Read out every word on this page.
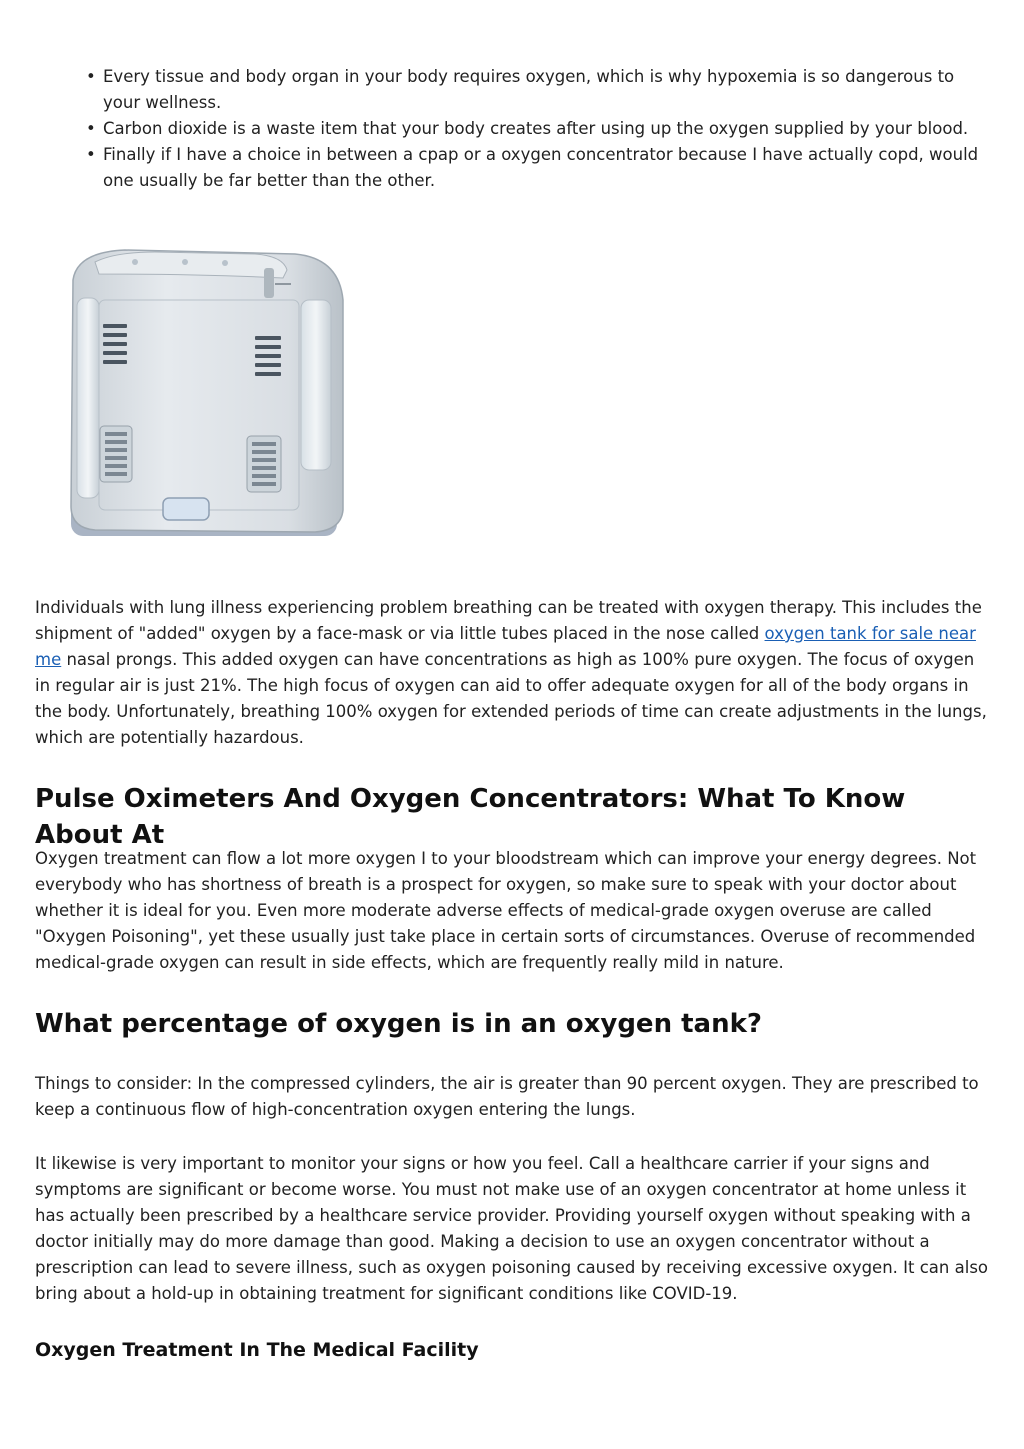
• Every tissue and body organ in your body requires oxygen, which is why hypoxemia is so dangerous to your wellness.
• Carbon dioxide is a waste item that your body creates after using up the oxygen supplied by your blood.
• Finally if I have a choice in between a cpap or a oxygen concentrator because I have actually copd, would one usually be far better than the other.

Individuals with lung illness experiencing problem breathing can be treated with oxygen therapy. This includes the shipment of "added" oxygen by a face-mask or via little tubes placed in the nose called oxygen tank for sale near me nasal prongs. This added oxygen can have concentrations as high as 100% pure oxygen. The focus of oxygen in regular air is just 21%. The high focus of oxygen can aid to offer adequate oxygen for all of the body organs in the body. Unfortunately, breathing 100% oxygen for extended periods of time can create adjustments in the lungs, which are potentially hazardous.

Pulse Oximeters And Oxygen Concentrators: What To Know About At

Oxygen treatment can flow a lot more oxygen I to your bloodstream which can improve your energy degrees. Not everybody who has shortness of breath is a prospect for oxygen, so make sure to speak with your doctor about whether it is ideal for you. Even more moderate adverse effects of medical-grade oxygen overuse are called "Oxygen Poisoning", yet these usually just take place in certain sorts of circumstances. Overuse of recommended medical-grade oxygen can result in side effects, which are frequently really mild in nature.

What percentage of oxygen is in an oxygen tank?

Things to consider: In the compressed cylinders, the air is greater than 90 percent oxygen. They are prescribed to keep a continuous flow of high-concentration oxygen entering the lungs.

It likewise is very important to monitor your signs or how you feel. Call a healthcare carrier if your signs and symptoms are significant or become worse. You must not make use of an oxygen concentrator at home unless it has actually been prescribed by a healthcare service provider. Providing yourself oxygen without speaking with a doctor initially may do more damage than good. Making a decision to use an oxygen concentrator without a prescription can lead to severe illness, such as oxygen poisoning caused by receiving excessive oxygen. It can also bring about a hold-up in obtaining treatment for significant conditions like COVID-19.

Oxygen Treatment In The Medical Facility
